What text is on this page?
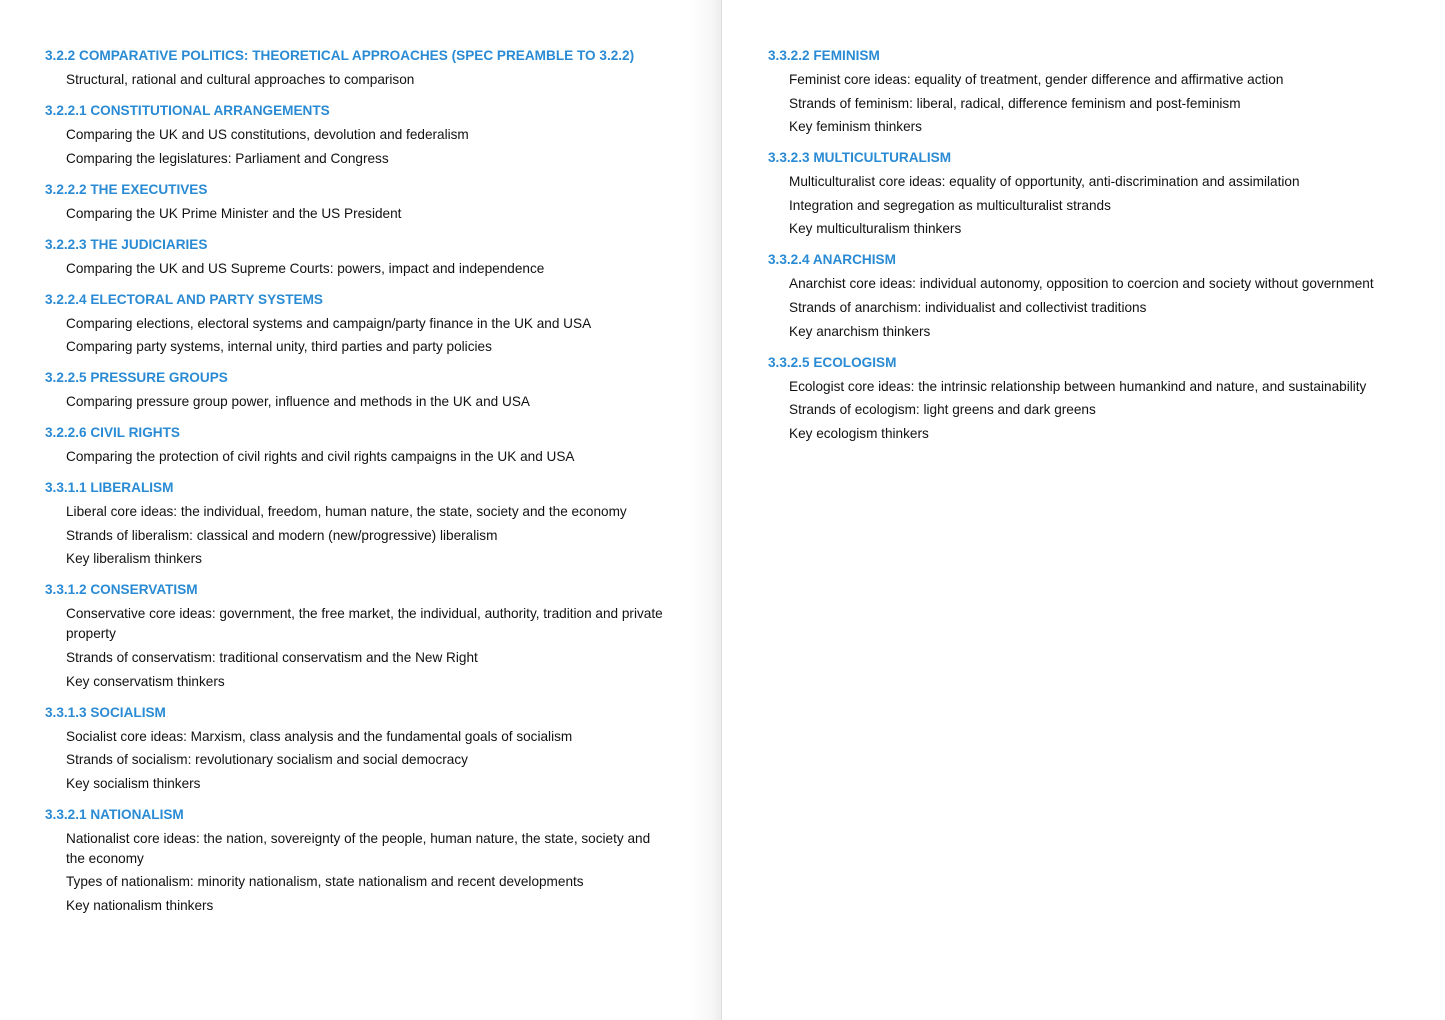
3.2.2 COMPARATIVE POLITICS: THEORETICAL APPROACHES (SPEC PREAMBLE TO 3.2.2)
Structural, rational and cultural approaches to comparison
3.2.2.1 CONSTITUTIONAL ARRANGEMENTS
Comparing the UK and US constitutions, devolution and federalism
Comparing the legislatures: Parliament and Congress
3.2.2.2 THE EXECUTIVES
Comparing the UK Prime Minister and the US President
3.2.2.3 THE JUDICIARIES
Comparing the UK and US Supreme Courts: powers, impact and independence
3.2.2.4 ELECTORAL AND PARTY SYSTEMS
Comparing elections, electoral systems and campaign/party finance in the UK and USA
Comparing party systems, internal unity, third parties and party policies
3.2.2.5 PRESSURE GROUPS
Comparing pressure group power, influence and methods in the UK and USA
3.2.2.6 CIVIL RIGHTS
Comparing the protection of civil rights and civil rights campaigns in the UK and USA
3.3.1.1 LIBERALISM
Liberal core ideas: the individual, freedom, human nature, the state, society and the economy
Strands of liberalism: classical and modern (new/progressive) liberalism
Key liberalism thinkers
3.3.1.2 CONSERVATISM
Conservative core ideas: government, the free market, the individual, authority, tradition and private property
Strands of conservatism: traditional conservatism and the New Right
Key conservatism thinkers
3.3.1.3 SOCIALISM
Socialist core ideas: Marxism, class analysis and the fundamental goals of socialism
Strands of socialism: revolutionary socialism and social democracy
Key socialism thinkers
3.3.2.1 NATIONALISM
Nationalist core ideas: the nation, sovereignty of the people, human nature, the state, society and the economy
Types of nationalism: minority nationalism, state nationalism and recent developments
Key nationalism thinkers
3.3.2.2 FEMINISM
Feminist core ideas: equality of treatment, gender difference and affirmative action
Strands of feminism: liberal, radical, difference feminism and post-feminism
Key feminism thinkers
3.3.2.3 MULTICULTURALISM
Multiculturalist core ideas: equality of opportunity, anti-discrimination and assimilation
Integration and segregation as multiculturalist strands
Key multiculturalism thinkers
3.3.2.4 ANARCHISM
Anarchist core ideas: individual autonomy, opposition to coercion and society without government
Strands of anarchism: individualist and collectivist traditions
Key anarchism thinkers
3.3.2.5 ECOLOGISM
Ecologist core ideas: the intrinsic relationship between humankind and nature, and sustainability
Strands of ecologism: light greens and dark greens
Key ecologism thinkers
